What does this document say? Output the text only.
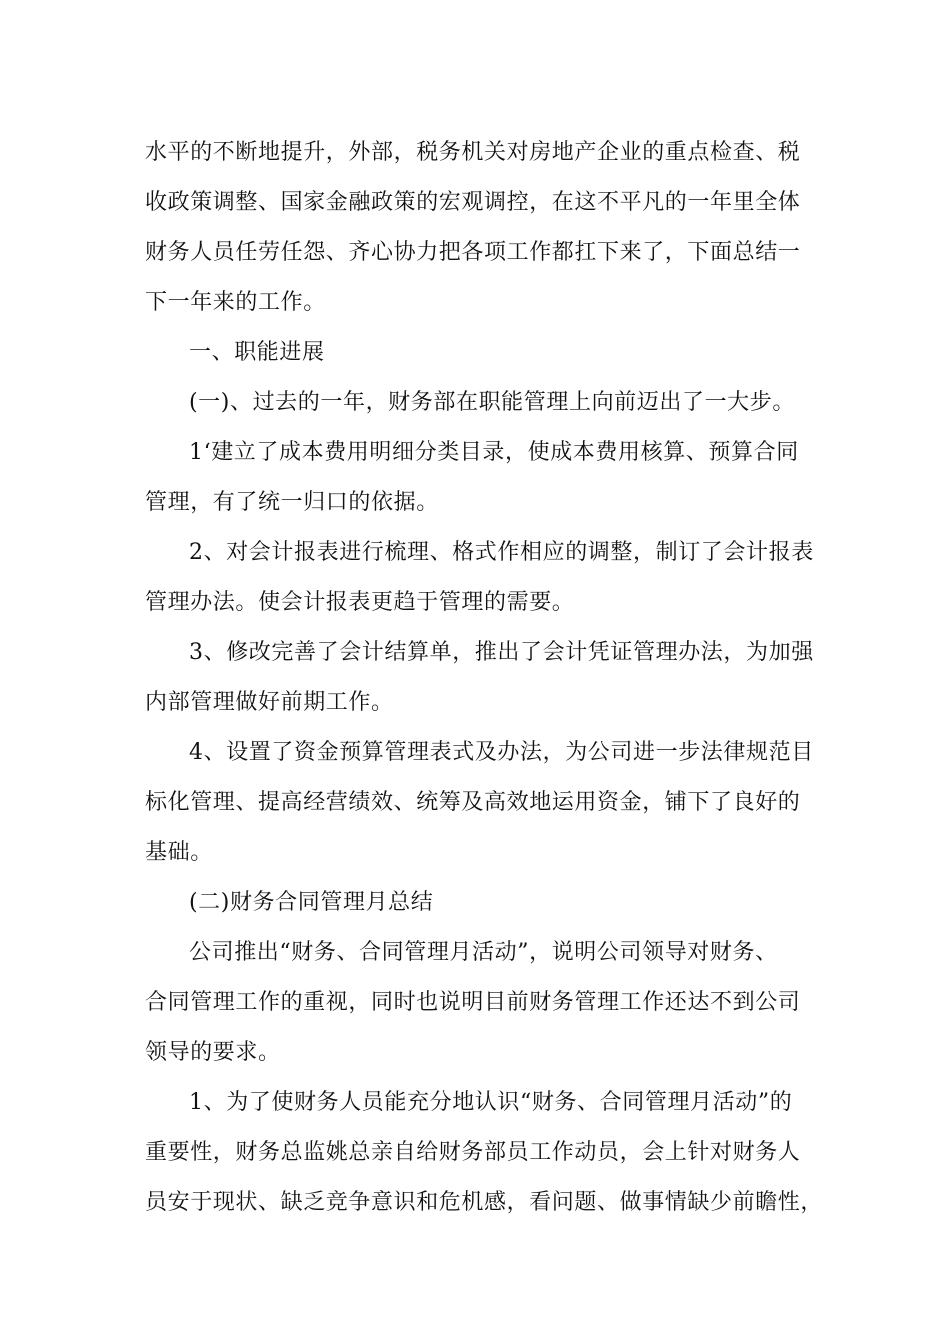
水平的不断地提升，外部，税务机关对房地产企业的重点检查、税
收政策调整、国家金融政策的宏观调控，在这不平凡的一年里全体
财务人员任劳任怨、齐心协力把各项工作都扛下来了，下面总结一
下一年来的工作。
一、职能进展
(一)、过去的一年，财务部在职能管理上向前迈出了一大步。
1‘建立了成本费用明细分类目录，使成本费用核算、预算合同
管理，有了统一归口的依据。
2、对会计报表进行梳理、格式作相应的调整，制订了会计报表
管理办法。使会计报表更趋于管理的需要。
3、修改完善了会计结算单，推出了会计凭证管理办法，为加强
内部管理做好前期工作。
4、设置了资金预算管理表式及办法，为公司进一步法律规范目
标化管理、提高经营绩效、统筹及高效地运用资金，铺下了良好的
基础。
(二)财务合同管理月总结
公司推出“财务、合同管理月活动”，说明公司领导对财务、
合同管理工作的重视，同时也说明目前财务管理工作还达不到公司
领导的要求。
1、为了使财务人员能充分地认识“财务、合同管理月活动”的
重要性，财务总监姚总亲自给财务部员工作动员，会上针对财务人
员安于现状、缺乏竞争意识和危机感，看问题、做事情缺少前瞻性，
